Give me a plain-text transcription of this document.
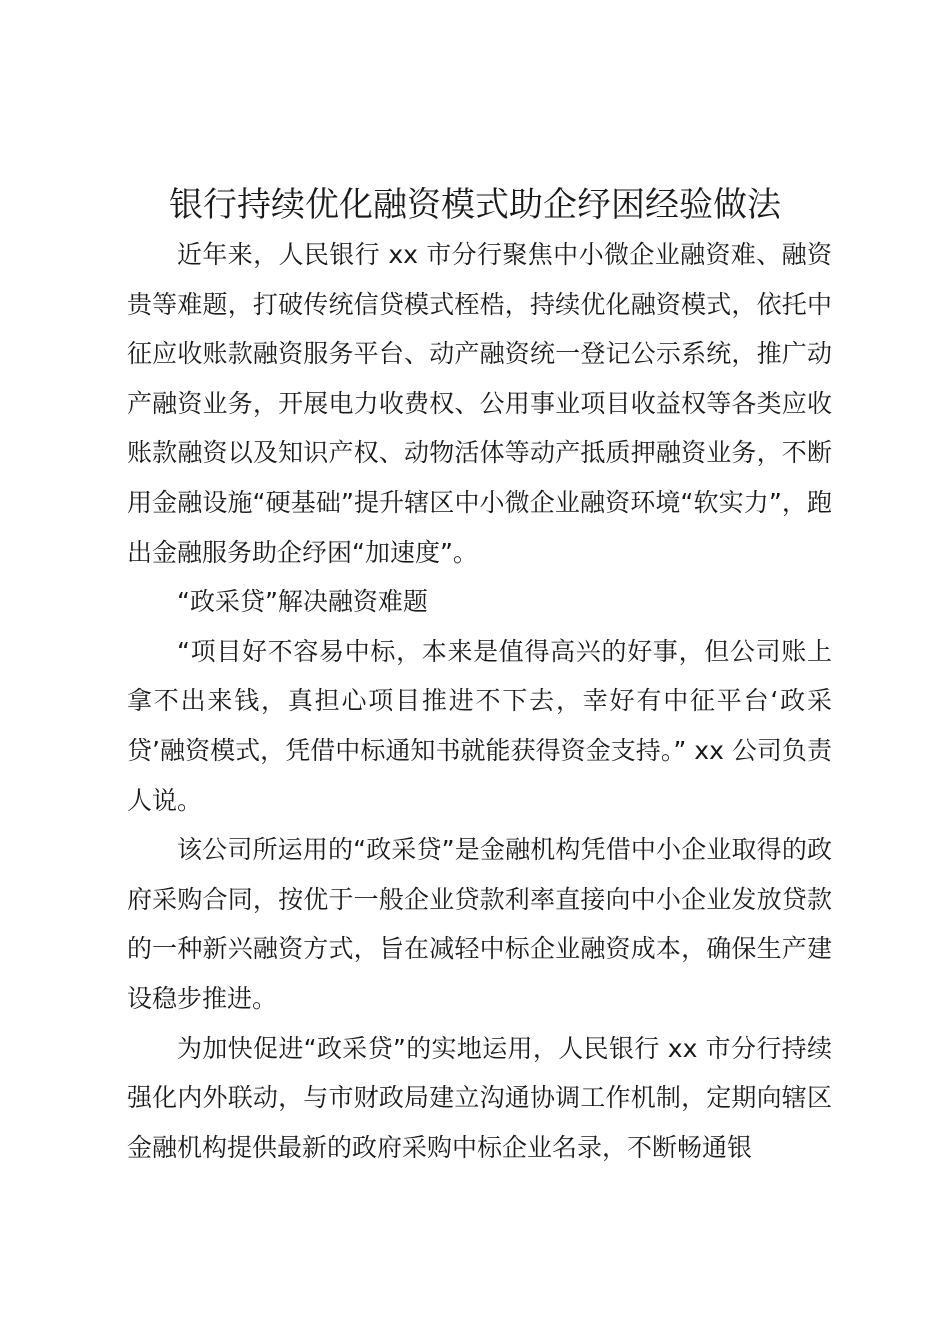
银行持续优化融资模式助企纾困经验做法

近年来，人民银行 xx 市分行聚焦中小微企业融资难、融资贵等难题，打破传统信贷模式桎梏，持续优化融资模式，依托中征应收账款融资服务平台、动产融资统一登记公示系统，推广动产融资业务，开展电力收费权、公用事业项目收益权等各类应收账款融资以及知识产权、动物活体等动产抵质押融资业务，不断用金融设施“硬基础”提升辖区中小微企业融资环境“软实力”，跑出金融服务助企纾困“加速度”。

“政采贷”解决融资难题

“项目好不容易中标，本来是值得高兴的好事，但公司账上拿不出来钱，真担心项目推进不下去，幸好有中征平台‘政采贷’融资模式，凭借中标通知书就能获得资金支持。” xx 公司负责人说。

该公司所运用的“政采贷”是金融机构凭借中小企业取得的政府采购合同，按优于一般企业贷款利率直接向中小企业发放贷款的一种新兴融资方式，旨在减轻中标企业融资成本，确保生产建设稳步推进。

为加快促进“政采贷”的实地运用，人民银行 xx 市分行持续强化内外联动，与市财政局建立沟通协调工作机制，定期向辖区金融机构提供最新的政府采购中标企业名录，不断畅通银
